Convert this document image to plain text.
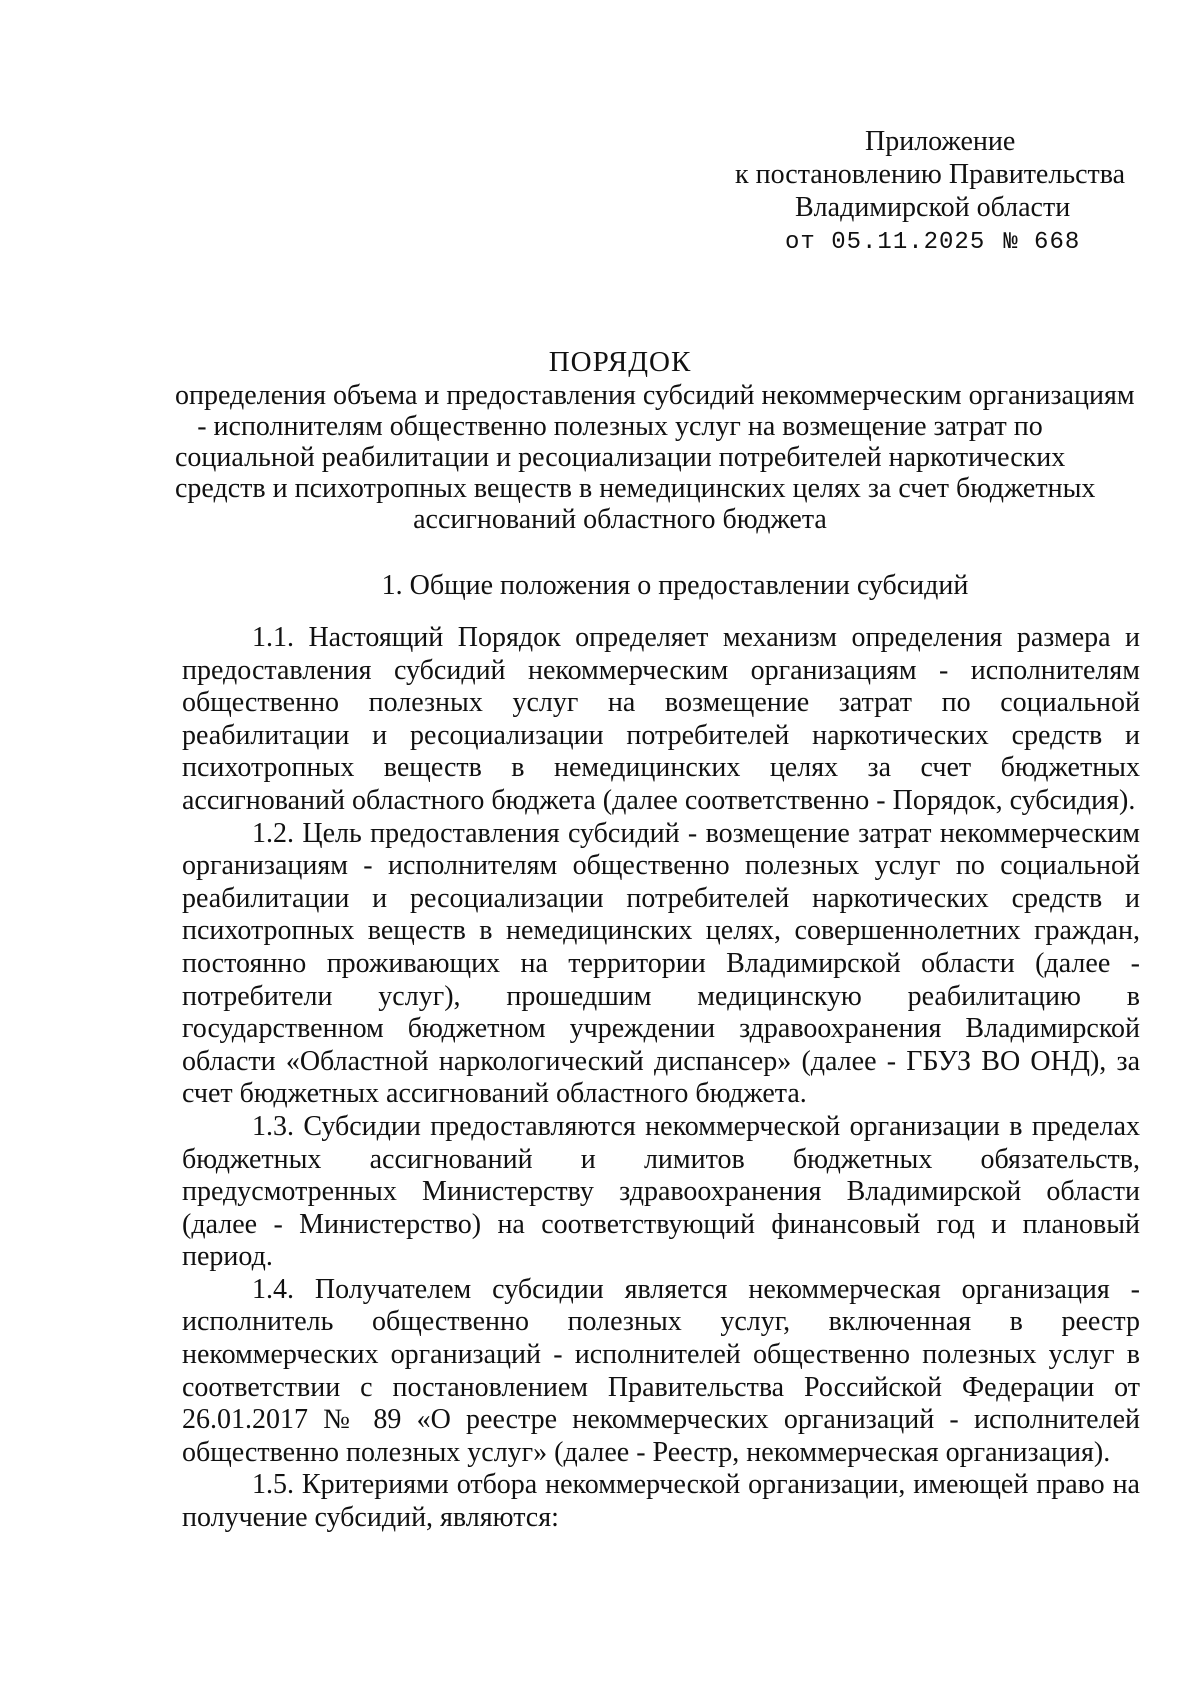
Приложение
к постановлению Правительства
Владимирской области
от 05.11.2025 № 668
ПОРЯДОК
определения объема и предоставления субсидий некоммерческим организациям
- исполнителям общественно полезных услуг на возмещение затрат по
социальной реабилитации и ресоциализации потребителей наркотических
средств и психотропных веществ в немедицинских целях за счет бюджетных
ассигнований областного бюджета
1. Общие положения о предоставлении субсидий

1.1. Настоящий Порядок определяет механизм определения размера и предоставления субсидий некоммерческим организациям - исполнителям общественно полезных услуг на возмещение затрат по социальной реабилитации и ресоциализации потребителей наркотических средств и психотропных веществ в немедицинских целях за счет бюджетных ассигнований областного бюджета (далее соответственно - Порядок, субсидия).

1.2. Цель предоставления субсидий - возмещение затрат некоммерческим организациям - исполнителям общественно полезных услуг по социальной реабилитации и ресоциализации потребителей наркотических средств и психотропных веществ в немедицинских целях, совершеннолетних граждан, постоянно проживающих на территории Владимирской области (далее - потребители услуг), прошедшим медицинскую реабилитацию в государственном бюджетном учреждении здравоохранения Владимирской области «Областной наркологический диспансер» (далее - ГБУЗ ВО ОНД), за счет бюджетных ассигнований областного бюджета.

1.3. Субсидии предоставляются некоммерческой организации в пределах бюджетных ассигнований и лимитов бюджетных обязательств, предусмотренных Министерству здравоохранения Владимирской области (далее - Министерство) на соответствующий финансовый год и плановый период.

1.4. Получателем субсидии является некоммерческая организация - исполнитель общественно полезных услуг, включенная в реестр некоммерческих организаций - исполнителей общественно полезных услуг в соответствии с постановлением Правительства Российской Федерации от 26.01.2017 № 89 «О реестре некоммерческих организаций - исполнителей общественно полезных услуг» (далее - Реестр, некоммерческая организация).

1.5. Критериями отбора некоммерческой организации, имеющей право на получение субсидий, являются:
